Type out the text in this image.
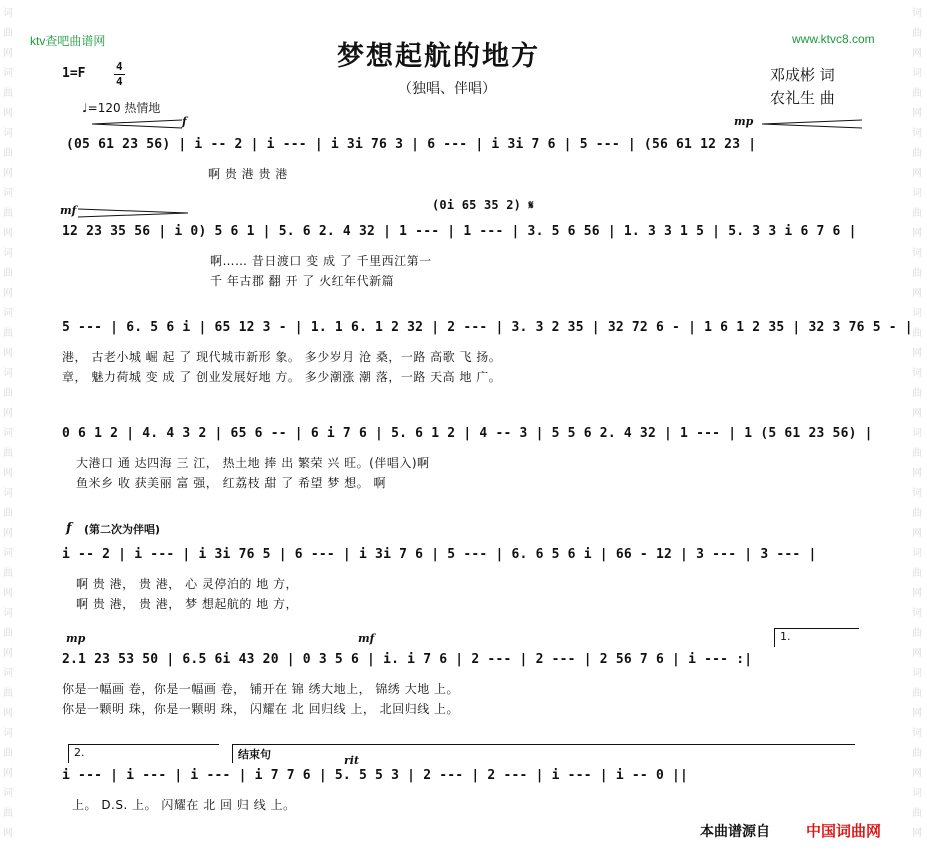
词
曲
网
词
曲
网
词
曲
网
词
曲
网
词
曲
网
词
曲
网
词
曲
网
词
曲
网
词
曲
网
词
曲
网
词
曲
网
词
曲
网
词
曲
网
词
曲
网
词
曲
网
词
曲
网
词
曲
网
词
曲
网
词
曲
网
词
曲
网
词
曲
网
词
曲
网
词
曲
网
词
曲
网
词
曲
网
词
曲
网
词
曲
网
词
曲
网
ktv查吧曲谱网	www.ktvc8.com
梦想起航的地方
（独唱、伴唱）
邓成彬 词
农礼生 曲
1=F	4
4
♩=120 热情地
f	mp
(05 61 23 56) | i -- 2 | i --- | i 3i 76 3 | 6 --- | i 3i 7 6 | 5 --- | (56 61 12 23 |
啊 贵 港 贵 港
mf	(0i 65 35 2) 𝄋
12 23 35 56 | i 0) 5 6 1 | 5. 6 2. 4 32 | 1 --- | 1 --- | 3. 5 6 56 | 1. 3 3 1 5 | 5. 3 3 i 6 7 6 |
啊…… 昔日渡口 变 成 了 千里西江第一
千 年古郡 翻 开 了 火红年代新篇
5 --- | 6. 5 6 i | 65 12 3 - | 1. 1 6. 1 2 32 | 2 --- | 3. 3 2 35 | 32 72 6 - | 1 6 1 2 35 | 32 3 76 5 - |
港， 古老小城 崛 起 了 现代城市新形 象。 多少岁月 沧 桑，一路 高歌 飞 扬。
章， 魅力荷城 变 成 了 创业发展好地 方。 多少潮涨 潮 落，一路 天高 地 广。
0 6 1 2 | 4. 4 3 2 | 65 6 -- | 6 i 7 6 | 5. 6 1 2 | 4 -- 3 | 5 5 6 2. 4 32 | 1 --- | 1 (5 61 23 56) |
大港口 通 达四海 三 江， 热土地 捧 出 繁荣 兴 旺。(伴唱入)啊
鱼米乡 收 获美丽 富 强， 红荔枝 甜 了 希望 梦 想。 啊
f (第二次为伴唱)
i -- 2 | i --- | i 3i 76 5 | 6 --- | i 3i 7 6 | 5 --- | 6. 6 5 6 i | 66 - 12 | 3 --- | 3 --- |
啊 贵 港， 贵 港， 心 灵停泊的 地 方，
啊 贵 港， 贵 港， 梦 想起航的 地 方，
mp	mf	1.
2.1 23 53 50 | 6.5 6i 43 20 | 0 3 5 6 | i. i 7 6 | 2 --- | 2 --- | 2 56 7 6 | i --- :|
你是一幅画 卷，你是一幅画 卷， 铺开在 锦 绣大地上， 锦绣 大地 上。
你是一颗明 珠，你是一颗明 珠， 闪耀在 北 回归线 上， 北回归线 上。
2.	结束句	rit
i --- | i --- | i --- | i 7 7 6 | 5. 5 5 3 | 2 --- | 2 --- | i --- | i -- 0 ||
上。 D.S. 上。 闪耀在 北 回 归 线 上。
本曲谱源自 中国词曲网
